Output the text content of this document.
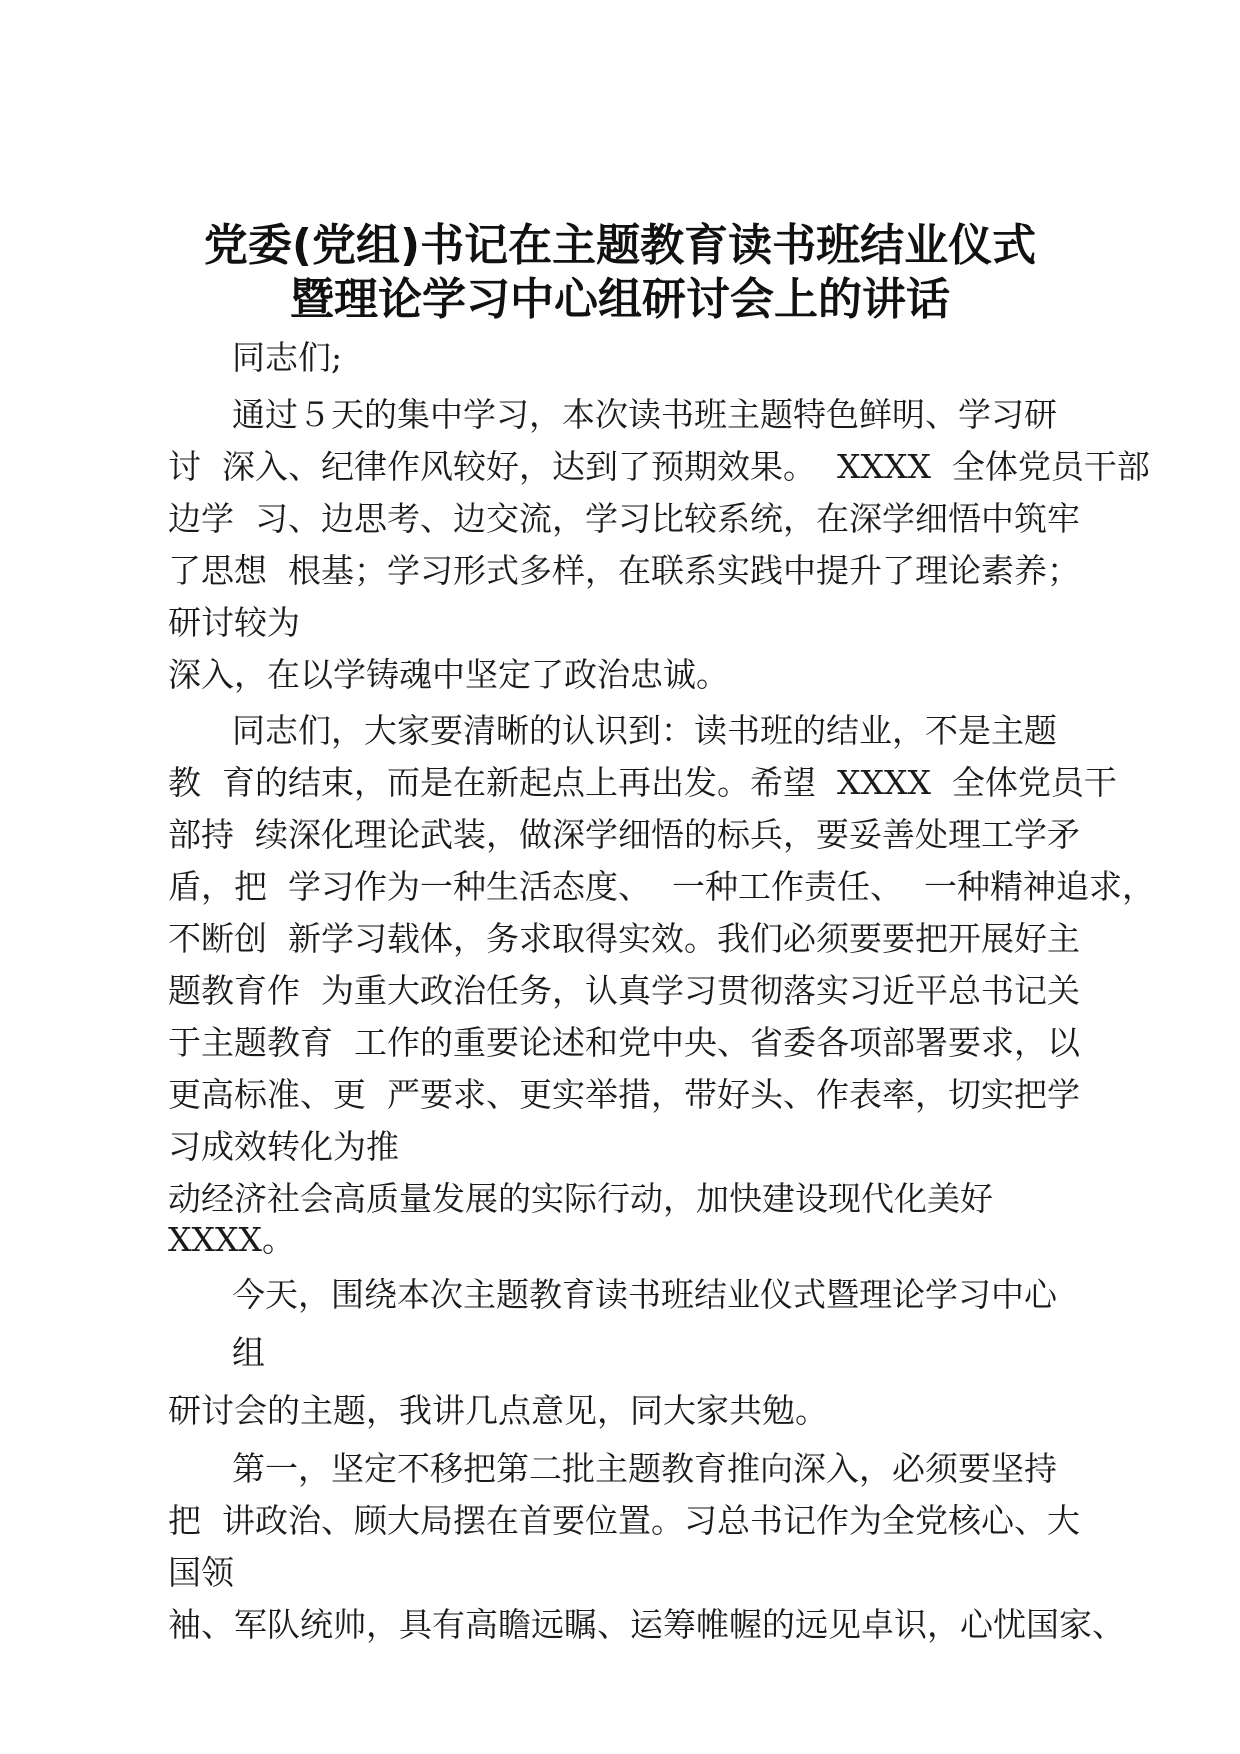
党委(党组)书记在主题教育读书班结业仪式
暨理论学习中心组研讨会上的讲话

同志们;

通过５天的集中学习，本次读书班主题特色鲜明、学习研

讨  深入、纪律作风较好，达到了预期效果。  XXXX  全体党员干部

边学  习、边思考、边交流，学习比较系统，在深学细悟中筑牢

了思想  根基；学习形式多样，在联系实践中提升了理论素养；

研讨较为

深入，在以学铸魂中坚定了政治忠诚。

同志们，大家要清晰的认识到：读书班的结业，不是主题

教  育的结束，而是在新起点上再出发。希望  XXXX  全体党员干

部持  续深化理论武装，做深学细悟的标兵，要妥善处理工学矛

盾，把  学习作为一种生活态度、  一种工作责任、  一种精神追求，

不断创  新学习载体，务求取得实效。我们必须要要把开展好主

题教育作  为重大政治任务，认真学习贯彻落实习近平总书记关

于主题教育  工作的重要论述和党中央、省委各项部署要求，以

更高标准、更  严要求、更实举措，带好头、作表率，切实把学

习成效转化为推

动经济社会高质量发展的实际行动，加快建设现代化美好

XXXX。

今天，围绕本次主题教育读书班结业仪式暨理论学习中心

组

研讨会的主题，我讲几点意见，同大家共勉。

第一，坚定不移把第二批主题教育推向深入，必须要坚持

把  讲政治、顾大局摆在首要位置。习总书记作为全党核心、大

国领

袖、军队统帅，具有高瞻远瞩、运筹帷幄的远见卓识，心忧国家、
